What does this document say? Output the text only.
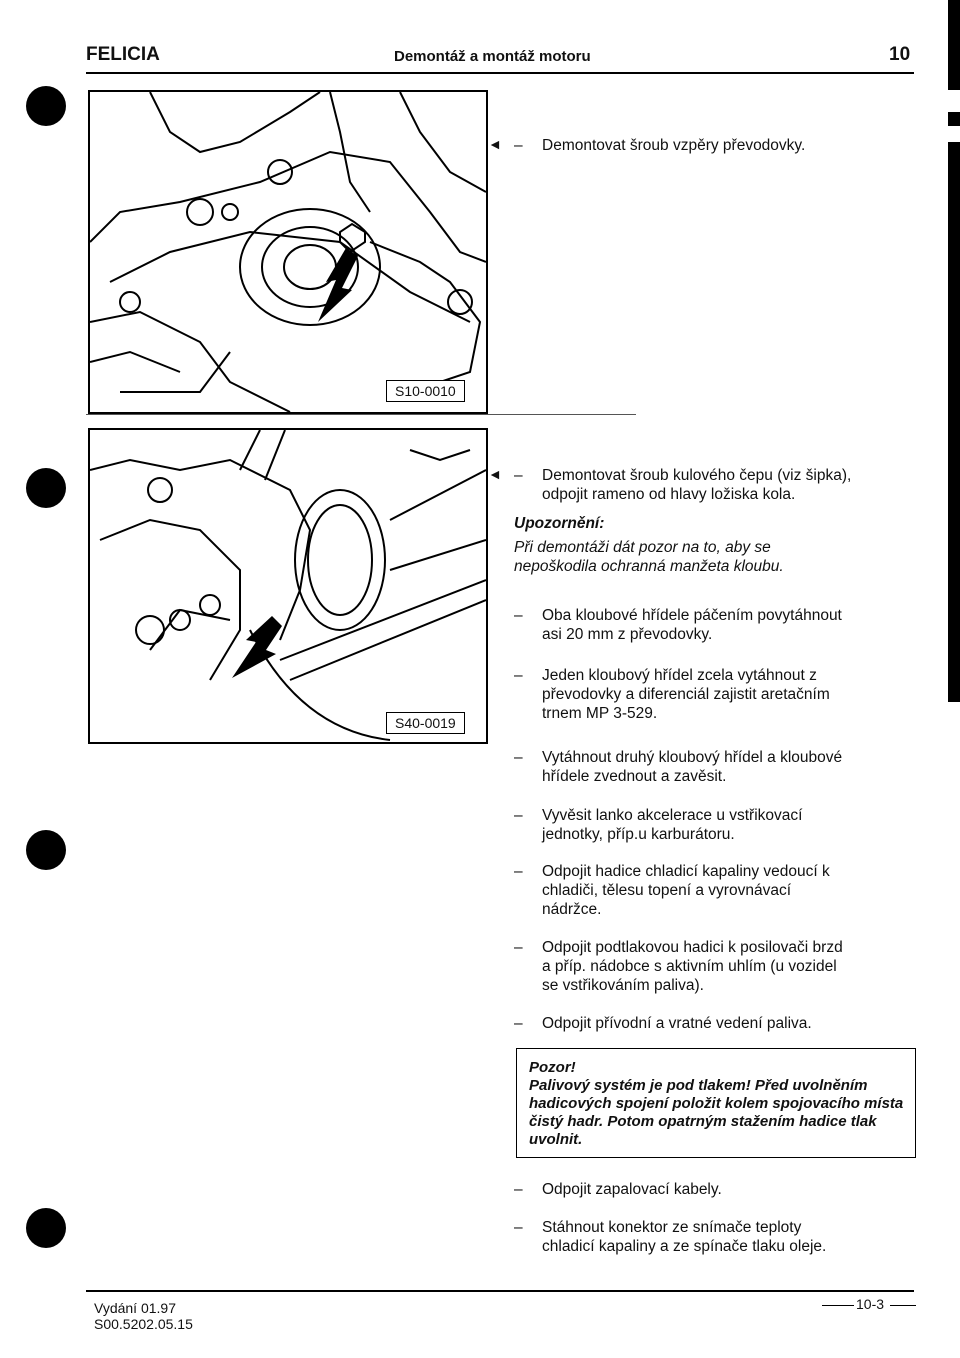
FELICIA	Demontáž a montáž motoru	10
S10-0010
S40-0019
◄ – Demontovat šroub vzpěry převodovky.
◄ – Demontovat šroub kulového čepu (viz šipka), odpojit rameno od hlavy ložiska kola.
Upozornění:
Při demontáži dát pozor na to, aby se nepoškodila ochranná manžeta kloubu.
– Oba kloubové hřídele páčením povytáhnout asi 20 mm z převodovky.
– Jeden kloubový hřídel zcela vytáhnout z převodovky a diferenciál zajistit aretačním trnem MP 3-529.
– Vytáhnout druhý kloubový hřídel a kloubové hřídele zvednout a zavěsit.
– Vyvěsit lanko akcelerace u vstřikovací jednotky, příp.u karburátoru.
– Odpojit hadice chladicí kapaliny vedoucí k chladiči, tělesu topení a vyrovnávací nádržce.
– Odpojit podtlakovou hadici k posilovači brzd a příp. nádobce s aktivním uhlím (u vozidel se vstřikováním paliva).
– Odpojit přívodní a vratné vedení paliva.
Pozor!
Palivový systém je pod tlakem! Před uvolněním hadicových spojení položit kolem spojovacího místa čistý hadr. Potom opatrným stažením hadice tlak uvolnit.
– Odpojit zapalovací kabely.
– Stáhnout konektor ze snímače teploty chladicí kapaliny a ze spínače tlaku oleje.
Vydání 01.97
S00.5202.05.15
10-3
